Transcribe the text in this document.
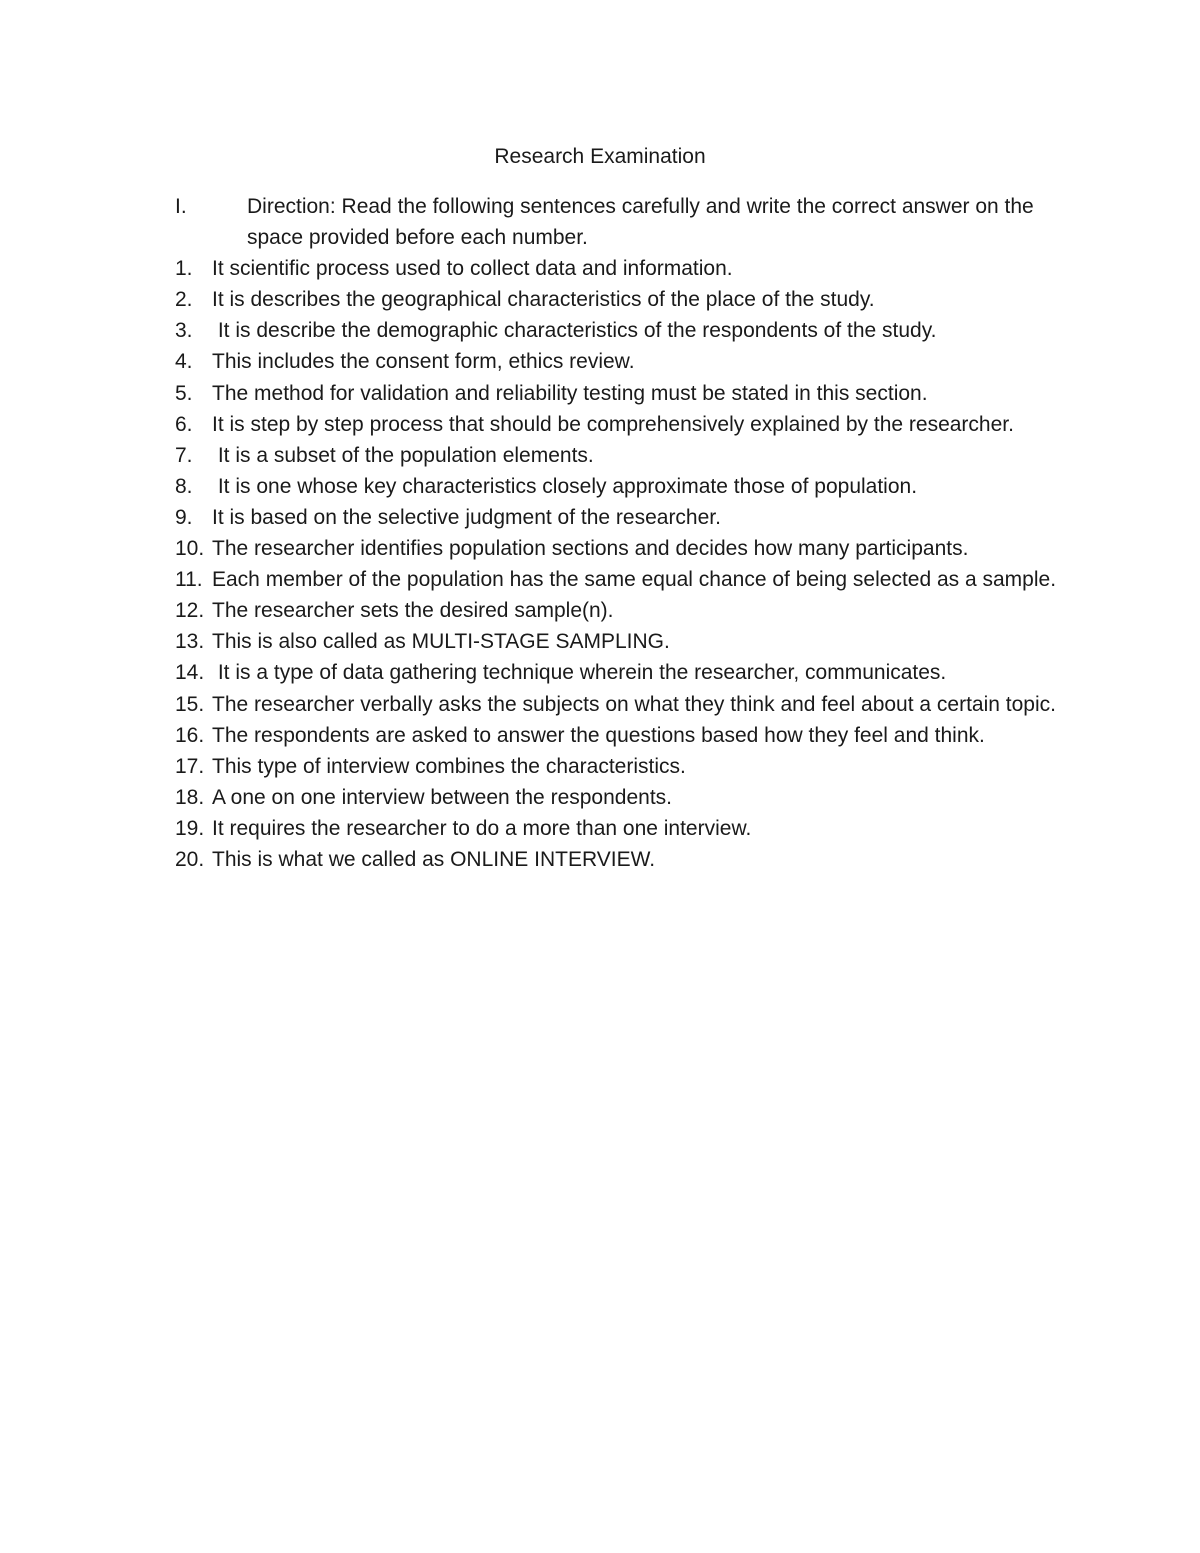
Research Examination
I.	Direction: Read the following sentences carefully and write the correct answer on the space provided before each number.
1. It scientific process used to collect data and information.
2. It is describes the geographical characteristics of the place of the study.
3. It is describe the demographic characteristics of the respondents of the study.
4. This includes the consent form, ethics review.
5. The method for validation and reliability testing must be stated in this section.
6. It is step by step process that should be comprehensively explained by the researcher.
7. It is a subset of the population elements.
8. It is one whose key characteristics closely approximate those of population.
9. It is based on the selective judgment of the researcher.
10. The researcher identifies population sections and decides how many participants.
11. Each member of the population has the same equal chance of being selected as a sample.
12. The researcher sets the desired sample(n).
13. This is also called as MULTI-STAGE SAMPLING.
14. It is a type of data gathering technique wherein the researcher, communicates.
15. The researcher verbally asks the subjects on what they think and feel about a certain topic.
16. The respondents are asked to answer the questions based how they feel and think.
17. This type of interview combines the characteristics.
18. A one on one interview between the respondents.
19. It requires the researcher to do a more than one interview.
20. This is what we called as ONLINE INTERVIEW.
